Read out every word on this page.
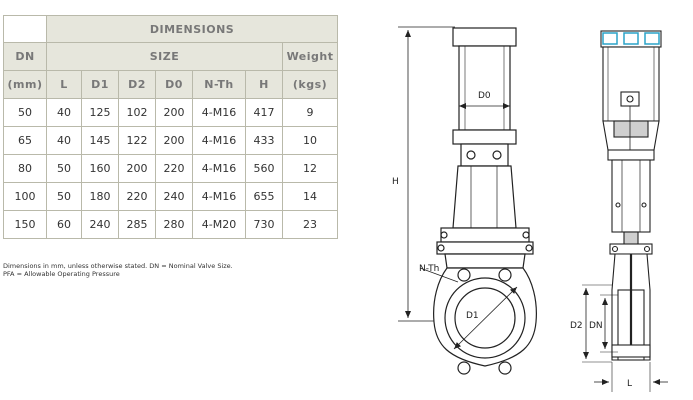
	DIMENSIONS						
DN	SIZE						Weight
(mm)	L	D1	D2	D0	N-Th	H	(kgs)
50	40	125	102	200	4-M16	417	9
65	40	145	122	200	4-M16	433	10
80	50	160	200	220	4-M16	560	12
100	50	180	220	240	4-M16	655	14
150	60	240	285	280	4-M20	730	23
Dimensions in mm, unless otherwise stated. DN = Nominal Valve Size.
PFA = Allowable Operating Pressure
H
D0
N-Th
D1
D2 DN
L
